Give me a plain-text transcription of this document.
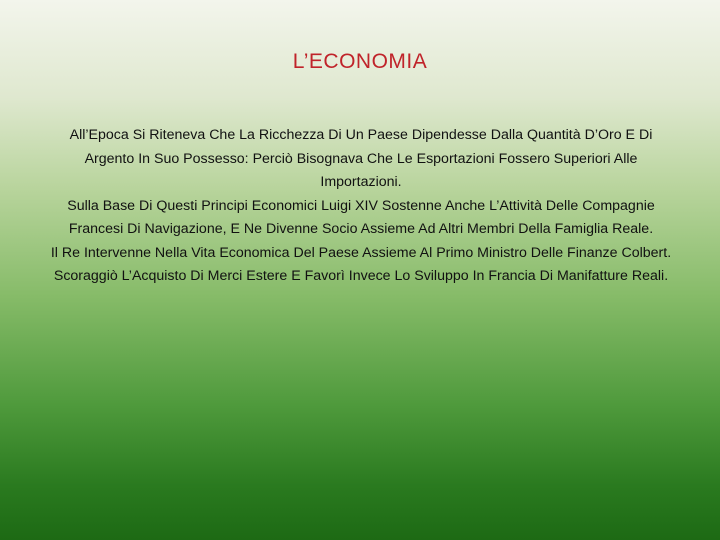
L’ECONOMIA

All’Epoca Si Riteneva Che La Ricchezza Di Un Paese Dipendesse Dalla Quantità D’Oro E Di Argento In Suo Possesso: Perciò Bisognava Che Le Esportazioni Fossero Superiori Alle Importazioni.

Sulla Base Di Questi Principi Economici Luigi XIV Sostenne Anche L’Attività Delle Compagnie Francesi Di Navigazione, E Ne Divenne Socio Assieme Ad Altri Membri Della Famiglia Reale.

Il Re Intervenne Nella Vita Economica Del Paese Assieme Al Primo Ministro Delle Finanze Colbert.

Scoraggiò L’Acquisto Di Merci Estere E Favorì Invece Lo Sviluppo In Francia Di Manifatture Reali.
